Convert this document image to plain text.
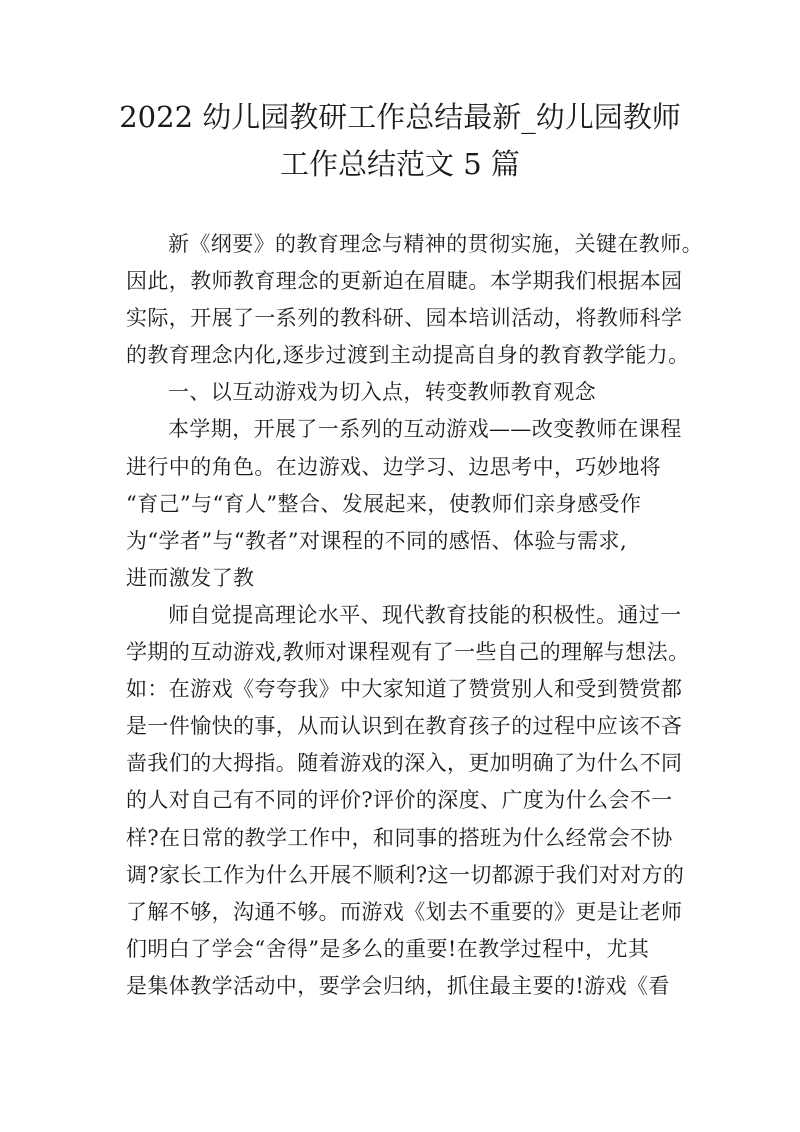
2022 幼儿园教研工作总结最新_幼儿园教师
工作总结范文 5 篇
新《纲要》的教育理念与精神的贯彻实施，关键在教师。
因此，教师教育理念的更新迫在眉睫。本学期我们根据本园
实际，开展了一系列的教科研、园本培训活动，将教师科学
的教育理念内化,逐步过渡到主动提高自身的教育教学能力。
一、以互动游戏为切入点，转变教师教育观念
本学期，开展了一系列的互动游戏——改变教师在课程
进行中的角色。在边游戏、边学习、边思考中，巧妙地将
“育己”与“育人”整合、发展起来，使教师们亲身感受作
为“学者”与“教者”对课程的不同的感悟、体验与需求,
进而激发了教
师自觉提高理论水平、现代教育技能的积极性。通过一
学期的互动游戏,教师对课程观有了一些自己的理解与想法。
如：在游戏《夸夸我》中大家知道了赞赏别人和受到赞赏都
是一件愉快的事，从而认识到在教育孩子的过程中应该不吝
啬我们的大拇指。随着游戏的深入，更加明确了为什么不同
的人对自己有不同的评价?评价的深度、广度为什么会不一
样?在日常的教学工作中，和同事的搭班为什么经常会不协
调?家长工作为什么开展不顺利?这一切都源于我们对对方的
了解不够，沟通不够。而游戏《划去不重要的》更是让老师
们明白了学会“舍得”是多么的重要!在教学过程中，尤其
是集体教学活动中，要学会归纳，抓住最主要的!游戏《看
